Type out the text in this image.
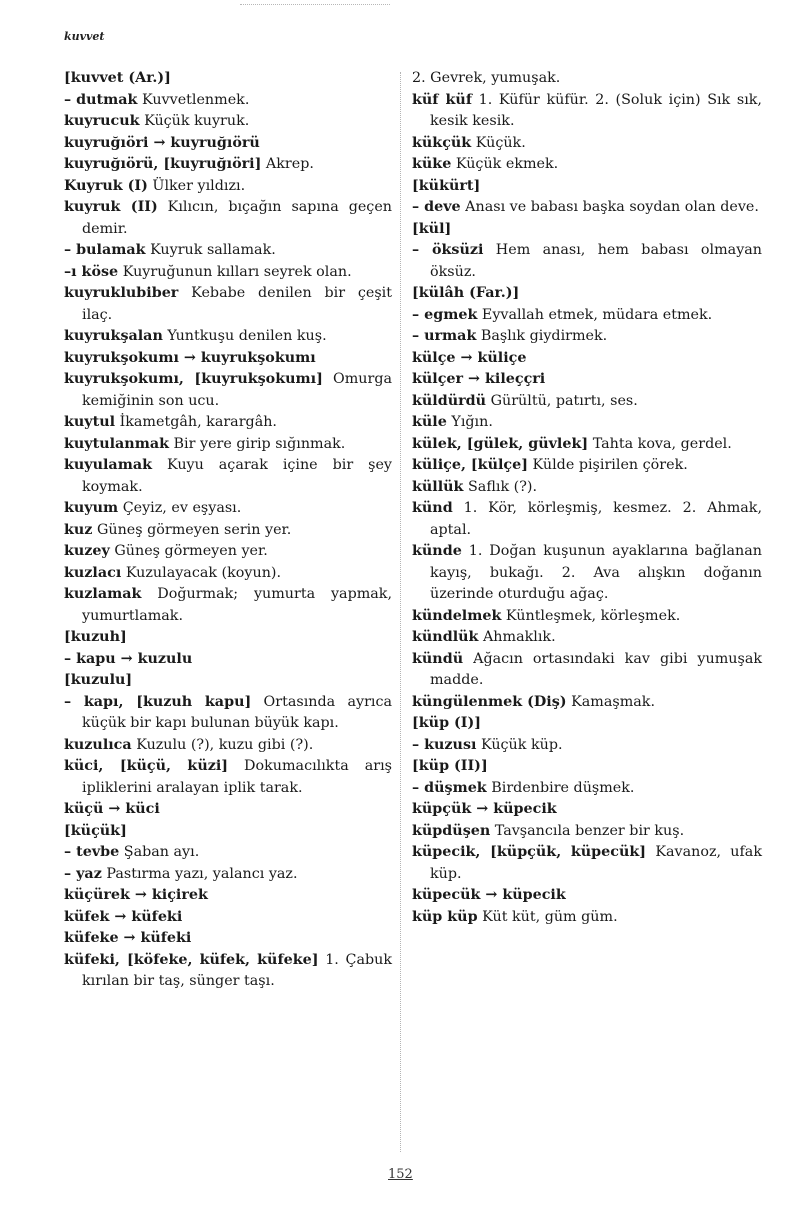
kuvvet

[kuvvet (Ar.)]

– dutmak Kuvvetlenmek.

kuyrucuk Küçük kuyruk.

kuyruğıöri → kuyruğıörü

kuyruğıörü, [kuyruğıöri] Akrep.

Kuyruk (I) Ülker yıldızı.

kuyruk (II) Kılıcın, bıçağın sapına geçen demir.

– bulamak Kuyruk sallamak.

–ı köse Kuyruğunun kılları seyrek olan.

kuyruklubiber Kebabe denilen bir çeşit ilaç.

kuyrukşalan Yuntkuşu denilen kuş.

kuyrukşokumı → kuyrukşokumı

kuyrukşokumı, [kuyrukşokumı] Omurga kemiğinin son ucu.

kuytul İkametgâh, karargâh.

kuytulanmak Bir yere girip sığınmak.

kuyulamak Kuyu açarak içine bir şey koymak.

kuyum Çeyiz, ev eşyası.

kuz Güneş görmeyen serin yer.

kuzey Güneş görmeyen yer.

kuzlacı Kuzulayacak (koyun).

kuzlamak Doğurmak; yumurta yapmak, yumurtlamak.

[kuzuh]

– kapu → kuzulu

[kuzulu]

– kapı, [kuzuh kapu] Ortasında ayrıca küçük bir kapı bulunan büyük kapı.

kuzulıca Kuzulu (?), kuzu gibi (?).

küci, [küçü, küzi] Dokumacılıkta arış ipliklerini aralayan iplik tarak.

küçü → küci

[küçük]

– tevbe Şaban ayı.

– yaz Pastırma yazı, yalancı yaz.

küçürek → kiçirek

küfek → küfeki

küfeke → küfeki

küfeki, [köfeke, küfek, küfeke] 1. Çabuk kırılan bir taş, sünger taşı.

2. Gevrek, yumuşak.

küf küf 1. Küfür küfür. 2. (Soluk için) Sık sık, kesik kesik.

kükçük Küçük.

küke Küçük ekmek.

[kükürt]

– deve Anası ve babası başka soydan olan deve.

[kül]

– öksüzi Hem anası, hem babası olmayan öksüz.

[külâh (Far.)]

– egmek Eyvallah etmek, müdara etmek.

– urmak Başlık giydirmek.

külçe → küliçe

külçer → kileççri

küldürdü Gürültü, patırtı, ses.

küle Yığın.

külek, [gülek, güvlek] Tahta kova, gerdel.

küliçe, [külçe] Külde pişirilen çörek.

küllük Saflık (?).

künd 1. Kör, körleşmiş, kesmez. 2. Ahmak, aptal.

künde 1. Doğan kuşunun ayaklarına bağlanan kayış, bukağı. 2. Ava alışkın doğanın üzerinde oturduğu ağaç.

kündelmek Küntleşmek, körleşmek.

kündlük Ahmaklık.

kündü Ağacın ortasındaki kav gibi yumuşak madde.

küngülenmek (Diş) Kamaşmak.

[küp (I)]

– kuzusı Küçük küp.

[küp (II)]

– düşmek Birdenbire düşmek.

küpçük → küpecik

küpdüşen Tavşancıla benzer bir kuş.

küpecik, [küpçük, küpecük] Kavanoz, ufak küp.

küpecük → küpecik

küp küp Küt küt, güm güm.

152
